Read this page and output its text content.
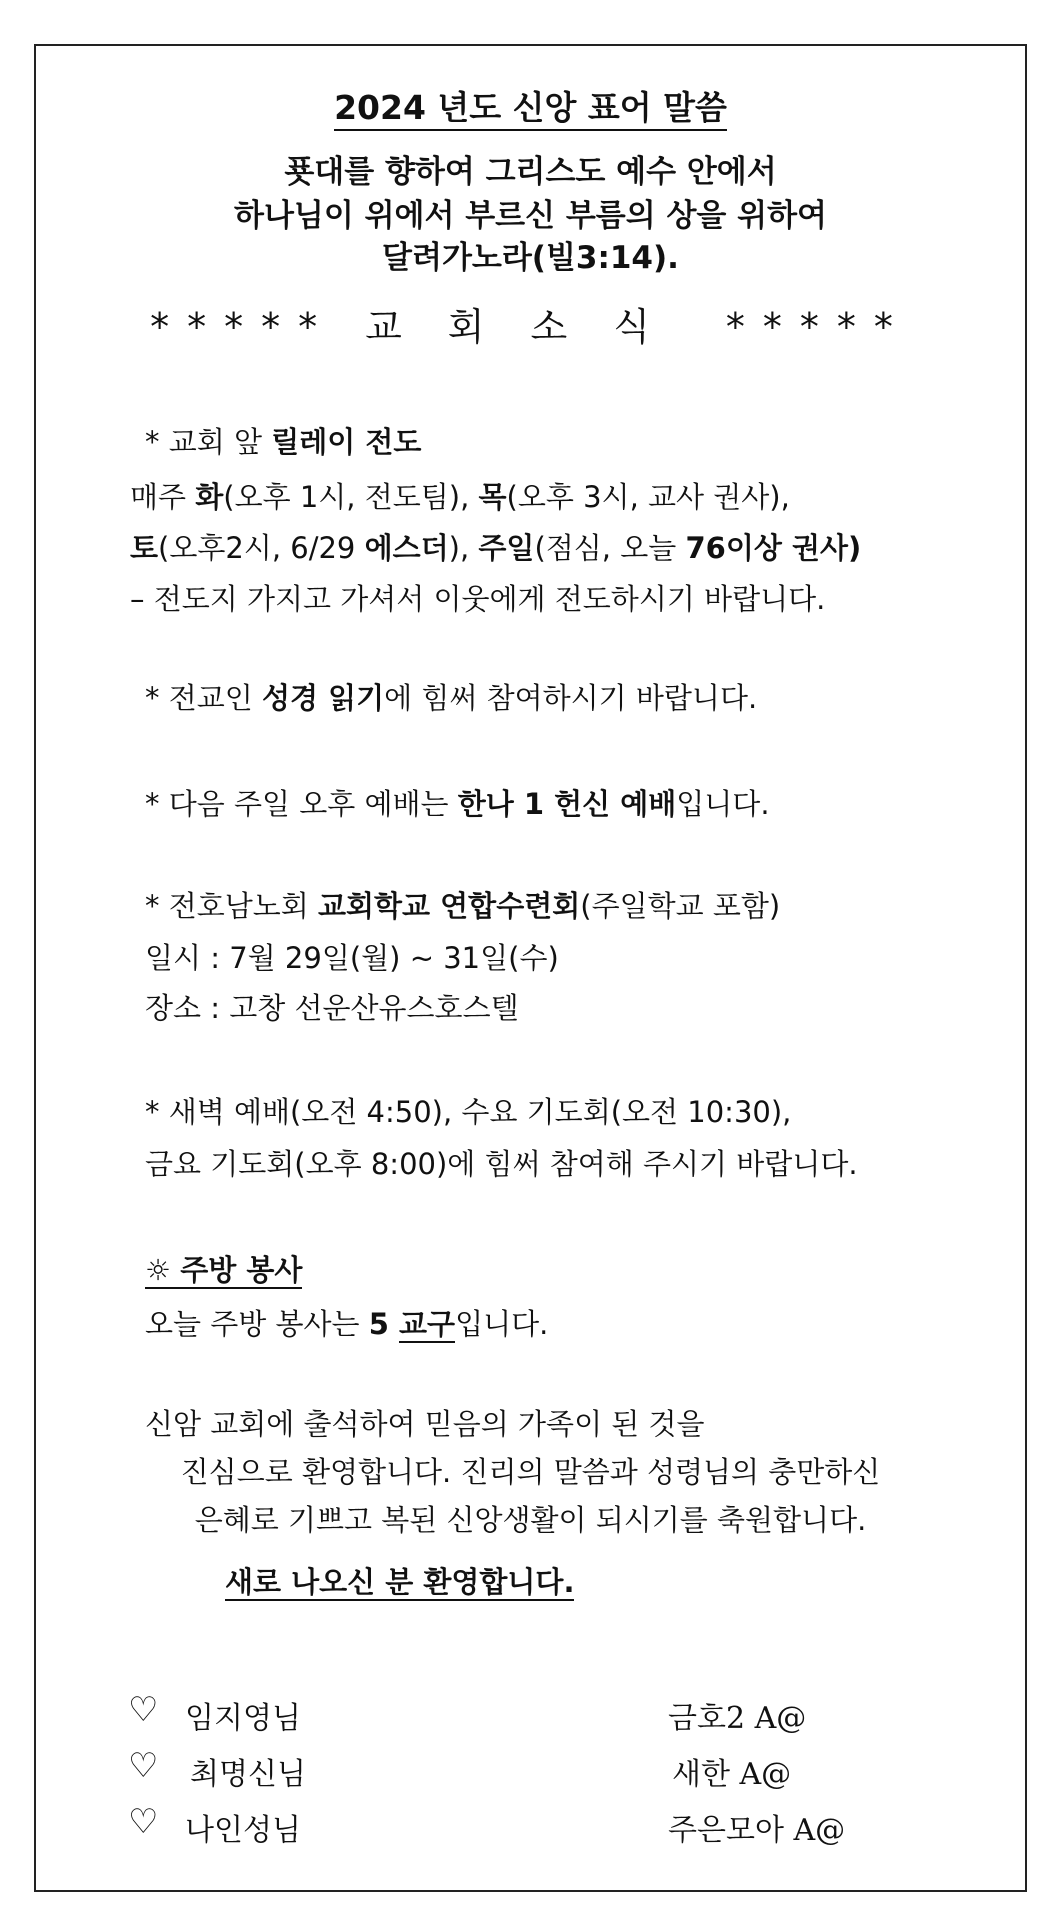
2024 년도 신앙 표어 말씀
푯대를 향하여 그리스도 예수 안에서
하나님이 위에서 부르신 부름의 상을 위하여
달려가노라(빌3:14).
***** 교회소식 *****
* 교회 앞 릴레이 전도
매주 화(오후 1시, 전도팀), 목(오후 3시, 교사 권사),
토(오후2시, 6/29 에스더), 주일(점심, 오늘 76이상 권사)
– 전도지 가지고 가셔서 이웃에게 전도하시기 바랍니다.
* 전교인 성경 읽기에 힘써 참여하시기 바랍니다.
* 다음 주일 오후 예배는 한나 1 헌신 예배입니다.
* 전호남노회 교회학교 연합수련회(주일학교 포함)
일시 : 7월 29일(월) ~ 31일(수)
장소 : 고창 선운산유스호스텔
* 새벽 예배(오전 4:50), 수요 기도회(오전 10:30),
금요 기도회(오후 8:00)에 힘써 참여해 주시기 바랍니다.
☼ 주방 봉사
오늘 주방 봉사는 5 교구입니다.
신암 교회에 출석하여 믿음의 가족이 된 것을
진심으로 환영합니다. 진리의 말씀과 성령님의 충만하신
은혜로 기쁘고 복된 신앙생활이 되시기를 축원합니다.
새로 나오신 분 환영합니다.
♡ 임지영님	금호2 A@
♡ 최명신님	새한 A@
♡ 나인성님	주은모아 A@
